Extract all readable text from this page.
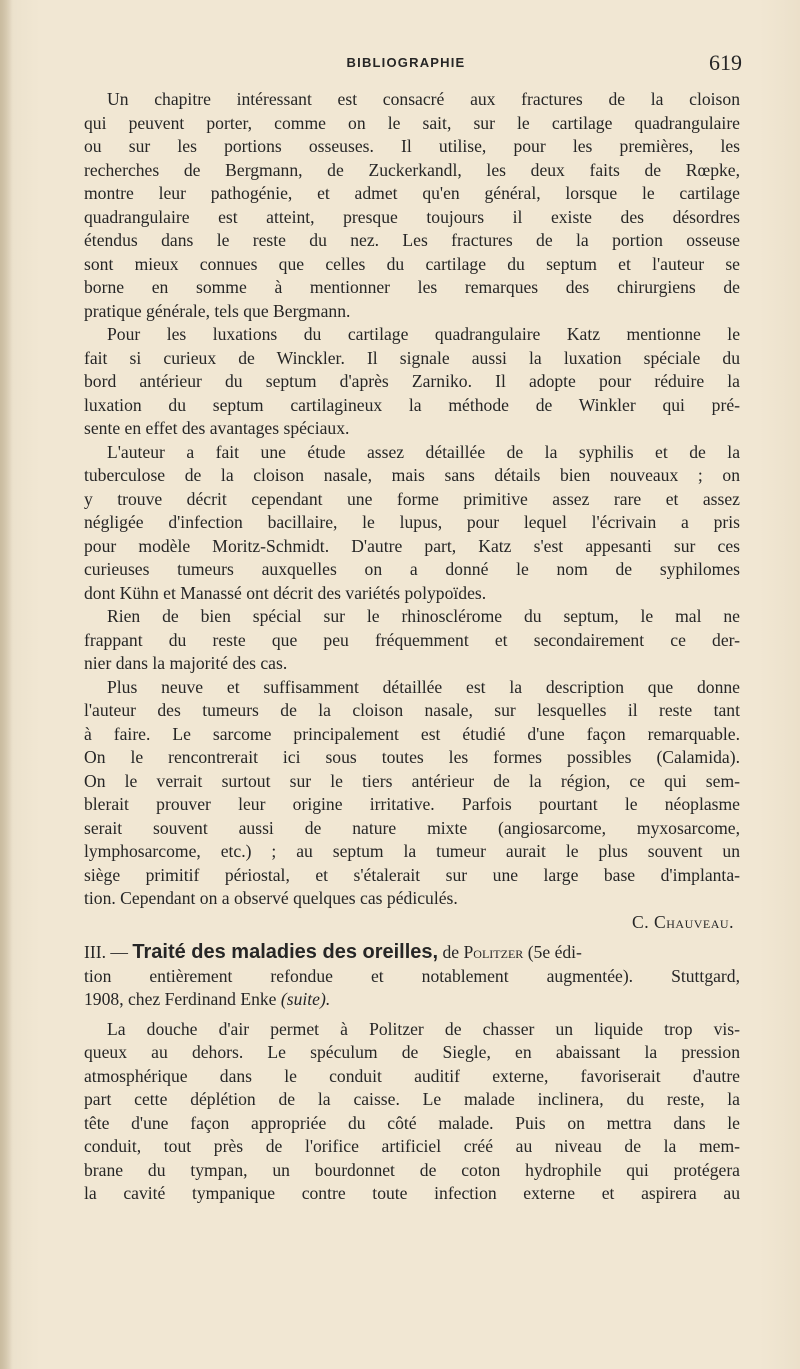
BIBLIOGRAPHIE	619
Un chapitre intéressant est consacré aux fractures de la cloison
qui peuvent porter, comme on le sait, sur le cartilage quadrangulaire
ou sur les portions osseuses. Il utilise, pour les premières, les
recherches de Bergmann, de Zuckerkandl, les deux faits de Rœpke,
montre leur pathogénie, et admet qu'en général, lorsque le cartilage
quadrangulaire est atteint, presque toujours il existe des désordres
étendus dans le reste du nez. Les fractures de la portion osseuse
sont mieux connues que celles du cartilage du septum et l'auteur se
borne en somme à mentionner les remarques des chirurgiens de
pratique générale, tels que Bergmann.
Pour les luxations du cartilage quadrangulaire Katz mentionne le
fait si curieux de Winckler. Il signale aussi la luxation spéciale du
bord antérieur du septum d'après Zarniko. Il adopte pour réduire la
luxation du septum cartilagineux la méthode de Winkler qui pré-
sente en effet des avantages spéciaux.
L'auteur a fait une étude assez détaillée de la syphilis et de la
tuberculose de la cloison nasale, mais sans détails bien nouveaux ; on
y trouve décrit cependant une forme primitive assez rare et assez
négligée d'infection bacillaire, le lupus, pour lequel l'écrivain a pris
pour modèle Moritz-Schmidt. D'autre part, Katz s'est appesanti sur ces
curieuses tumeurs auxquelles on a donné le nom de syphilomes
dont Kühn et Manassé ont décrit des variétés polypoïdes.
Rien de bien spécial sur le rhinosclérome du septum, le mal ne
frappant du reste que peu fréquemment et secondairement ce der-
nier dans la majorité des cas.
Plus neuve et suffisamment détaillée est la description que donne
l'auteur des tumeurs de la cloison nasale, sur lesquelles il reste tant
à faire. Le sarcome principalement est étudié d'une façon remarquable.
On le rencontrerait ici sous toutes les formes possibles (Calamida).
On le verrait surtout sur le tiers antérieur de la région, ce qui sem-
blerait prouver leur origine irritative. Parfois pourtant le néoplasme
serait souvent aussi de nature mixte (angiosarcome, myxosarcome,
lymphosarcome, etc.) ; au septum la tumeur aurait le plus souvent un
siège primitif périostal, et s'étalerait sur une large base d'implanta-
tion. Cependant on a observé quelques cas pédiculés.
C. Chauveau.
III. — Traité des maladies des oreilles, de Politzer (5e édi-
tion entièrement refondue et notablement augmentée). Stuttgard,
1908, chez Ferdinand Enke (suite).
La douche d'air permet à Politzer de chasser un liquide trop vis-
queux au dehors. Le spéculum de Siegle, en abaissant la pression
atmosphérique dans le conduit auditif externe, favoriserait d'autre
part cette déplétion de la caisse. Le malade inclinera, du reste, la
tête d'une façon appropriée du côté malade. Puis on mettra dans le
conduit, tout près de l'orifice artificiel créé au niveau de la mem-
brane du tympan, un bourdonnet de coton hydrophile qui protégera
la cavité tympanique contre toute infection externe et aspirera au
